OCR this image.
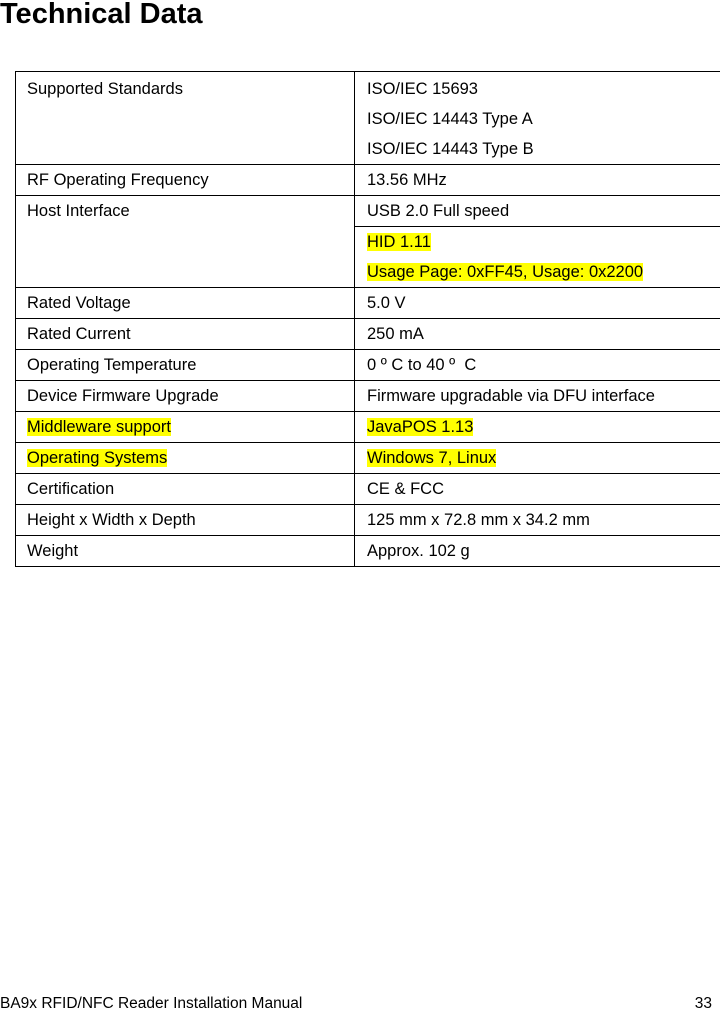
Technical Data
Supported Standards	ISO/IEC 15693
ISO/IEC 14443 Type A
ISO/IEC 14443 Type B

RF Operating Frequency	13.56 MHz
Host Interface	USB 2.0 Full speed

	HID 1.11
Usage Page: 0xFF45, Usage: 0x2200

Rated Voltage	5.0 V
Rated Current	250 mA
Operating Temperature	0 º C to 40 º  C
Device Firmware Upgrade	Firmware upgradable via DFU interface
Middleware support	JavaPOS 1.13
Operating Systems	Windows 7, Linux
Certification	CE & FCC
Height x Width x Depth	125 mm x 72.8 mm x 34.2 mm
Weight	Approx. 102 g
BA9x RFID/NFC Reader Installation Manual	33
